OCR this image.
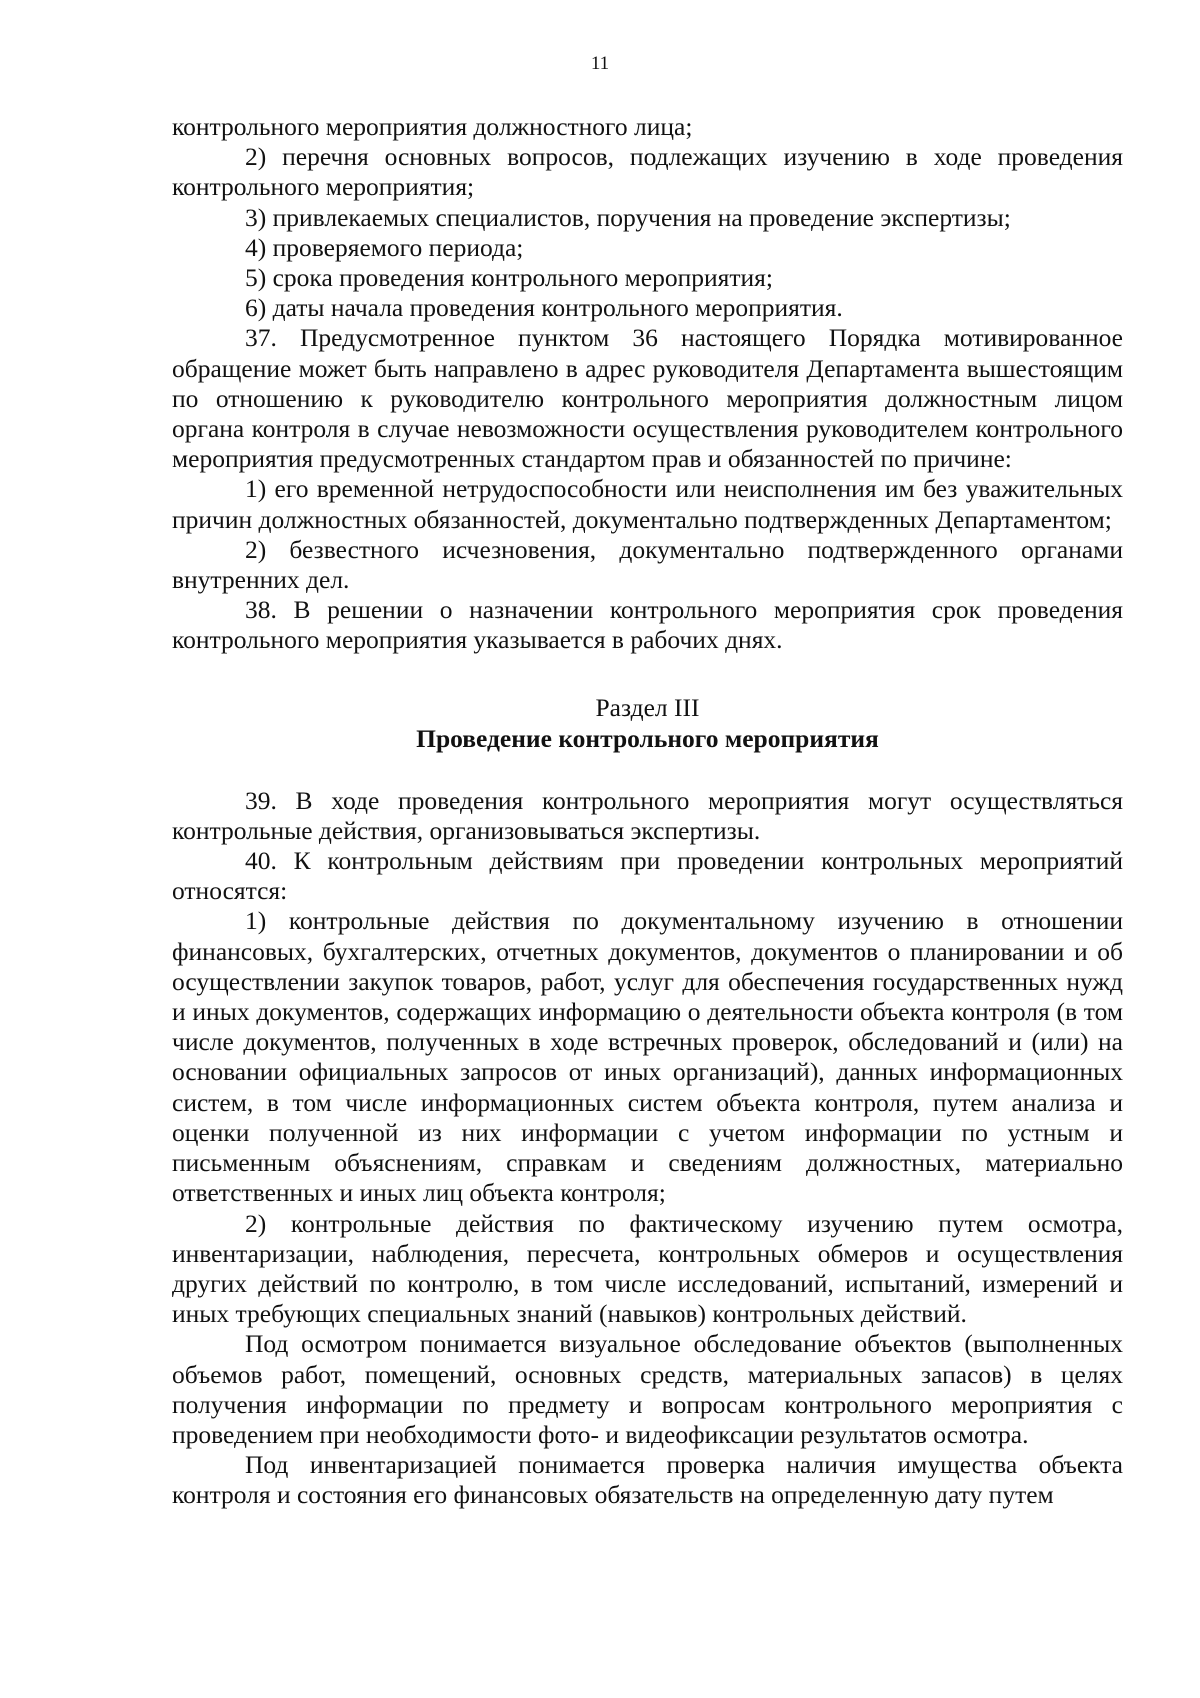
11

контрольного мероприятия должностного лица;

2) перечня основных вопросов, подлежащих изучению в ходе проведения контрольного мероприятия;

3) привлекаемых специалистов, поручения на проведение экспертизы;

4) проверяемого периода;

5) срока проведения контрольного мероприятия;

6) даты начала проведения контрольного мероприятия.

37. Предусмотренное пунктом 36 настоящего Порядка мотивированное обращение может быть направлено в адрес руководителя Департамента вышестоящим по отношению к руководителю контрольного мероприятия должностным лицом органа контроля в случае невозможности осуществления руководителем контрольного мероприятия предусмотренных стандартом прав и обязанностей по причине:

1) его временной нетрудоспособности или неисполнения им без уважительных причин должностных обязанностей, документально подтвержденных Департаментом;

2) безвестного исчезновения, документально подтвержденного органами внутренних дел.

38. В решении о назначении контрольного мероприятия срок проведения контрольного мероприятия указывается в рабочих днях.

Раздел III

Проведение контрольного мероприятия

39. В ходе проведения контрольного мероприятия могут осуществляться контрольные действия, организовываться экспертизы.

40. К контрольным действиям при проведении контрольных мероприятий относятся:

1) контрольные действия по документальному изучению в отношении финансовых, бухгалтерских, отчетных документов, документов о планировании и об осуществлении закупок товаров, работ, услуг для обеспечения государственных нужд и иных документов, содержащих информацию о деятельности объекта контроля (в том числе документов, полученных в ходе встречных проверок, обследований и (или) на основании официальных запросов от иных организаций), данных информационных систем, в том числе информационных систем объекта контроля, путем анализа и оценки полученной из них информации с учетом информации по устным и письменным объяснениям, справкам и сведениям должностных, материально ответственных и иных лиц объекта контроля;

2) контрольные действия по фактическому изучению путем осмотра, инвентаризации, наблюдения, пересчета, контрольных обмеров и осуществления других действий по контролю, в том числе исследований, испытаний, измерений и иных требующих специальных знаний (навыков) контрольных действий.

Под осмотром понимается визуальное обследование объектов (выполненных объемов работ, помещений, основных средств, материальных запасов) в целях получения информации по предмету и вопросам контрольного мероприятия с проведением при необходимости фото- и видеофиксации результатов осмотра.

Под инвентаризацией понимается проверка наличия имущества объекта контроля и состояния его финансовых обязательств на определенную дату путем
